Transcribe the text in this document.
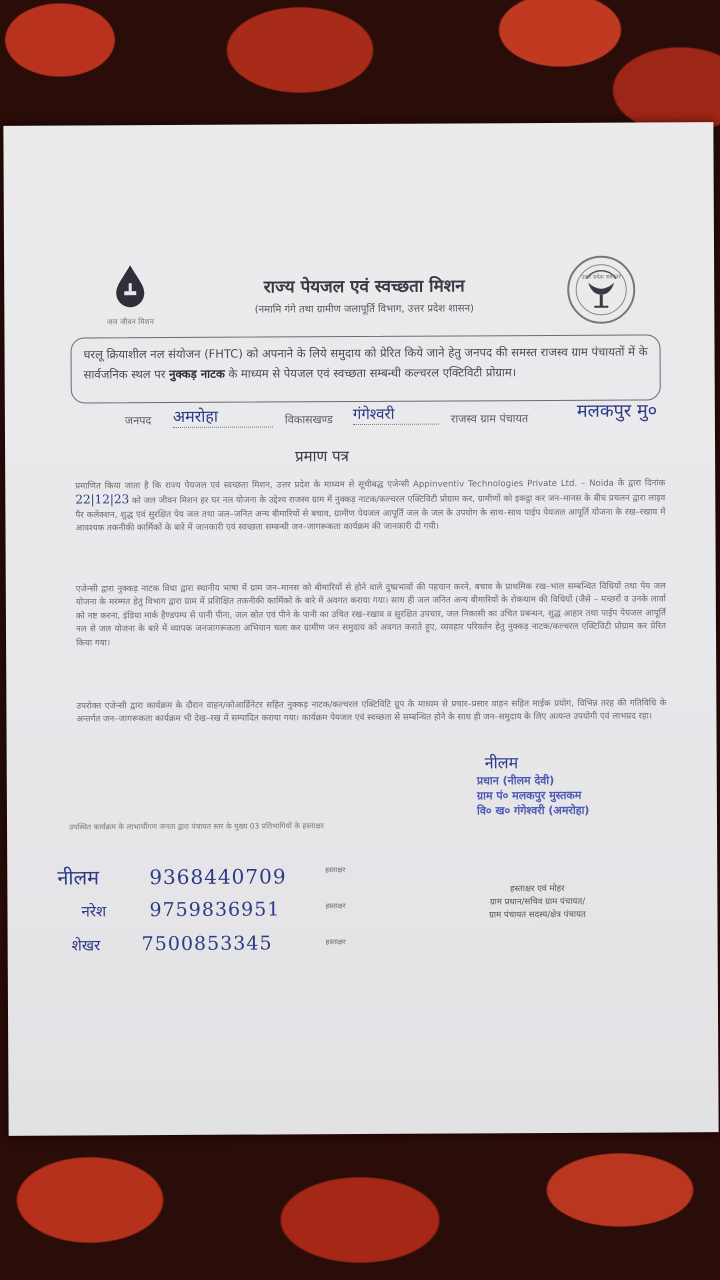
जल जीवन मिशन
राज्य पेयजल एवं स्वच्छता मिशन
(नमामि गंगे तथा ग्रामीण जलापूर्ति विभाग, उत्तर प्रदेश शासन)
उत्तर प्रदेश सरकार
घरलू क्रियाशील नल संयोजन (FHTC) को अपनाने के लिये समुदाय को प्रेरित किये जाने हेतु जनपद की समस्त राजस्व ग्राम पंचायतों में के सार्वजनिक स्थल पर नुक्कड़ नाटक के माध्यम से पेयजल एवं स्वच्छता सम्बन्धी कल्चरल एक्टिविटी प्रोग्राम।
जनपद अमरोहा	विकासखण्ड गंगेश्वरी	राजस्व ग्राम पंचायत	मलकपुर मु०
प्रमाण पत्र
प्रमाणित किया जाता है कि राज्य पेयजल एवं स्वच्छता मिशन, उत्तर प्रदेश के माध्यम से सूचीबद्ध एजेन्सी Appinventiv Technologies Private Ltd. – Noida के द्वारा दिनांक 22|12|23 को जल जीवन मिशन हर घर नल योजना के उद्देश्य राजस्व ग्राम में नुक्कड़ नाटक/कल्चरल एक्टिविटी प्रोग्राम कर, ग्रामीणों को इकट्ठा कर जन–मानस के बीच प्रचलन द्वारा लाइव पैर कलेक्शन, शुद्ध एवं सुरक्षित पेय जल तथा जल–जनित अन्य बीमारियों से बचाव, ग्रामीण पेयजल आपूर्ति जल के जल के उपयोग के साथ–साथ पाईप पेयजल आपूर्ति योजना के रख–रखाव में आवश्यक तकनीकी कार्मिकों के बारे में जानकारी एवं स्वच्छता सम्बन्धी जन–जागरूकता कार्यक्रम की जानकारी दी गयी।
एजेन्सी द्वारा नुक्कड़ नाटक विधा द्वारा स्थानीय भाषा में ग्राम जन–मानस को बीमारियों से होने वाले दुष्प्रभावों की पहचान करने, बचाव के प्राथमिक रख–भाल सम्बन्धित विधियों तथा पेय जल योजना के मरम्मत हेतु विभाग द्वारा ग्राम में प्रशिक्षित तकनीकी कार्मिकों के बारे में अवगत कराया गया। साथ ही जल जनित अन्य बीमारियों के रोकथाम की विधियों (जैसे – मच्छरों व उनके लार्वा को नष्ट करना, इंडिया मार्क हैण्डपम्प से पानी पीना, जल स्रोत एवं पीने के पानी का उचित रख–रखाव व सुरक्षित उपचार, जल निकासी का उचित प्रबन्धन, शुद्ध आहार तथा पाईप पेयजल आपूर्ति नल से जल योजना के बारे में व्यापक जनजागरूकता अभियान चला कर ग्रामीण जन समुदाय को अवगत कराते हुए, व्यवहार परिवर्तन हेतु नुक्कड़ नाटक/कल्चरल एक्टिविटी प्रोग्राम कर प्रेरित किया गया।
उपरोक्त एजेन्सी द्वारा कार्यक्रम के दौरान वाहन/कोआर्डिनेटर सहित नुक्कड़ नाटक/कल्चरल एक्टिविटि ग्रुप के माध्यम से प्रचार–प्रसार वाहन सहित माईक प्रयोग, विभिन्न तरह की गतिविधि के अन्तर्गत जन–जागरूकता कार्यक्रम भी देख–रख में सम्पादित कराया गया। कार्यक्रम पेयजल एवं स्वच्छता से सम्बन्धित होने के साथ ही जन–समुदाय के लिए अत्यन्त उपयोगी एवं लाभप्रद रहा।
नीलम
प्रधान (नीलम देवी)
ग्राम पं० मलकपुर मुस्तकम
वि० ख० गंगेश्वरी (अमरोहा)
उपस्थित कार्यक्रम के लाभार्थीगण जनता द्वारा पंचायत स्तर के मुख्य 03 प्रतिभागियों के हस्ताक्षर
नीलम	9368440709
नरेश	9759836951
शेखर	7500853345
हस्ताक्षर
हस्ताक्षर
हस्ताक्षर
हस्ताक्षर एवं मोहर
ग्राम प्रधान/सचिव ग्राम पंचायत/
ग्राम पंचायत सदस्य/क्षेत्र पंचायत
